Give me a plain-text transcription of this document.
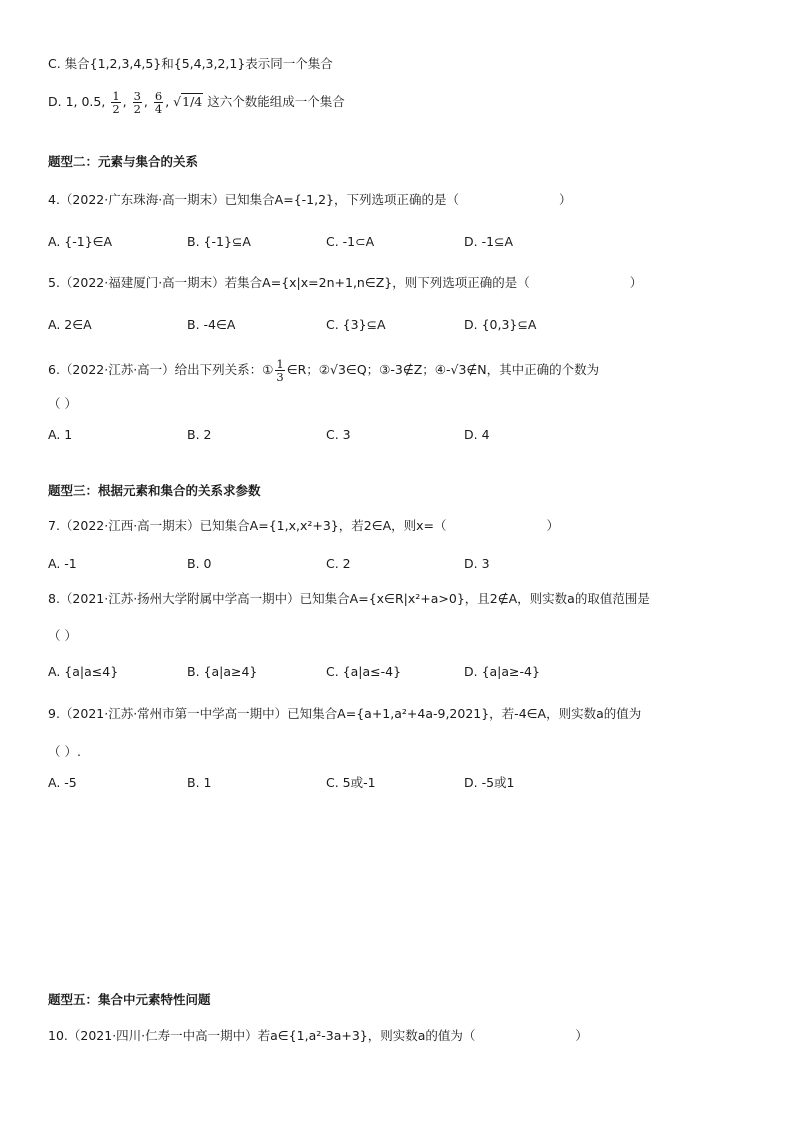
C. 集合{1,2,3,4,5}和{5,4,3,2,1}表示同一个集合
D. 1, 0.5, $\frac{1}{2}$ , $\frac{3}{2}$ , $\frac{6}{4}$ , √1/4 这六个数能组成一个集合
题型二：元素与集合的关系
4.（2022·广东珠海·高一期末）已知集合A={-1,2}，下列选项正确的是（	）
A. {-1}∈A	B. {-1}⊆A	C. -1⊂A	D. -1⊆A
5.（2022·福建厦门·高一期末）若集合A={x|x=2n+1,n∈Z}，则下列选项正确的是（	）
A. 2∈A	B. -4∈A	C. {3}⊆A	D. {0,3}⊆A
6.（2022·江苏·高一）给出下列关系：① $\frac{1}{3}$ ∈R；②√3∈Q；③-3∉Z；④-√3∉N，其中正确的个数为
（ ）
A. 1	B. 2	C. 3	D. 4
题型三：根据元素和集合的关系求参数
7.（2022·江西·高一期末）已知集合A={1,x,x²+3}，若2∈A，则x=（	）
A. -1	B. 0	C. 2	D. 3
8.（2021·江苏·扬州大学附属中学高一期中）已知集合A={x∈R|x²+a>0}，且2∉A，则实数a的取值范围是
（ ）
A. {a|a≤4}	B. {a|a≥4}	C. {a|a≤-4}	D. {a|a≥-4}
9.（2021·江苏·常州市第一中学高一期中）已知集合A={a+1,a²+4a-9,2021}，若-4∈A，则实数a的值为
（ ）.
A. -5	B. 1	C. 5或-1	D. -5或1
题型五：集合中元素特性问题
10.（2021·四川·仁寿一中高一期中）若a∈{1,a²-3a+3}，则实数a的值为（	）
